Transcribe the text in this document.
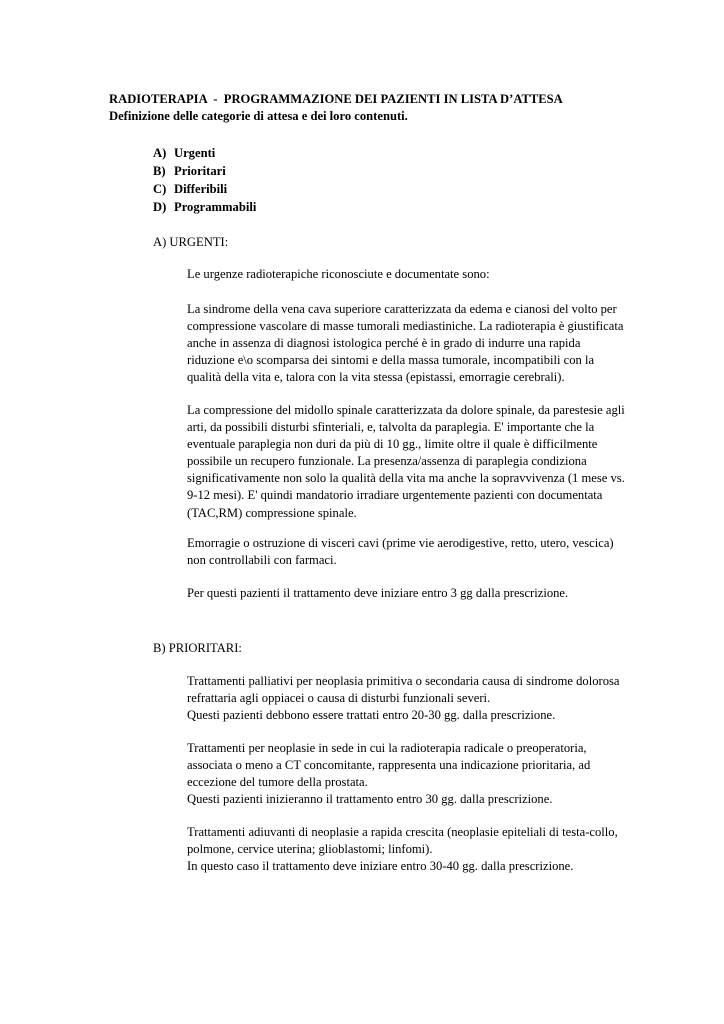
RADIOTERAPIA  -  PROGRAMMAZIONE DEI PAZIENTI IN LISTA D’ATTESA
Definizione delle categorie di attesa e dei loro contenuti.
A) Urgenti
B) Prioritari
C) Differibili
D) Programmabili
A) URGENTI:

Le urgenze radioterapiche riconosciute e documentate sono:

La sindrome della vena cava superiore caratterizzata da edema e cianosi del volto per
compressione vascolare di masse tumorali mediastiniche. La radioterapia è giustificata
anche in assenza di diagnosi istologica perché è in grado di indurre una rapida
riduzione e\o scomparsa dei sintomi e della massa tumorale, incompatibili con la
qualità della vita e, talora con la vita stessa (epistassi, emorragie cerebrali).

La compressione del midollo spinale caratterizzata da dolore spinale, da parestesie agli
arti, da possibili disturbi sfinteriali, e, talvolta da paraplegia. E' importante che la
eventuale paraplegia non duri da più di 10 gg., limite oltre il quale è difficilmente
possibile un recupero funzionale. La presenza/assenza di paraplegia condiziona
significativamente non solo la qualità della vita ma anche la sopravvivenza (1 mese vs.
9-12 mesi). E' quindi mandatorio irradiare urgentemente pazienti con documentata
(TAC,RM) compressione spinale.

Emorragie o ostruzione di visceri cavi (prime vie aerodigestive, retto, utero, vescica)
non controllabili con farmaci.

Per questi pazienti il trattamento deve iniziare entro 3 gg dalla prescrizione.

B) PRIORITARI:

Trattamenti palliativi per neoplasia primitiva o secondaria causa di sindrome dolorosa
refrattaria agli oppiacei o causa di disturbi funzionali severi.
Questi pazienti debbono essere trattati entro 20-30 gg. dalla prescrizione.

Trattamenti per neoplasie in sede in cui la radioterapia radicale o preoperatoria,
associata o meno a CT concomitante, rappresenta una indicazione prioritaria, ad
eccezione del tumore della prostata.
Questi pazienti inizieranno il trattamento entro 30 gg. dalla prescrizione.

Trattamenti adiuvanti di neoplasie a rapida crescita (neoplasie epiteliali di testa-collo,
polmone, cervice uterina; glioblastomi; linfomi).
In questo caso il trattamento deve iniziare entro 30-40 gg. dalla prescrizione.
